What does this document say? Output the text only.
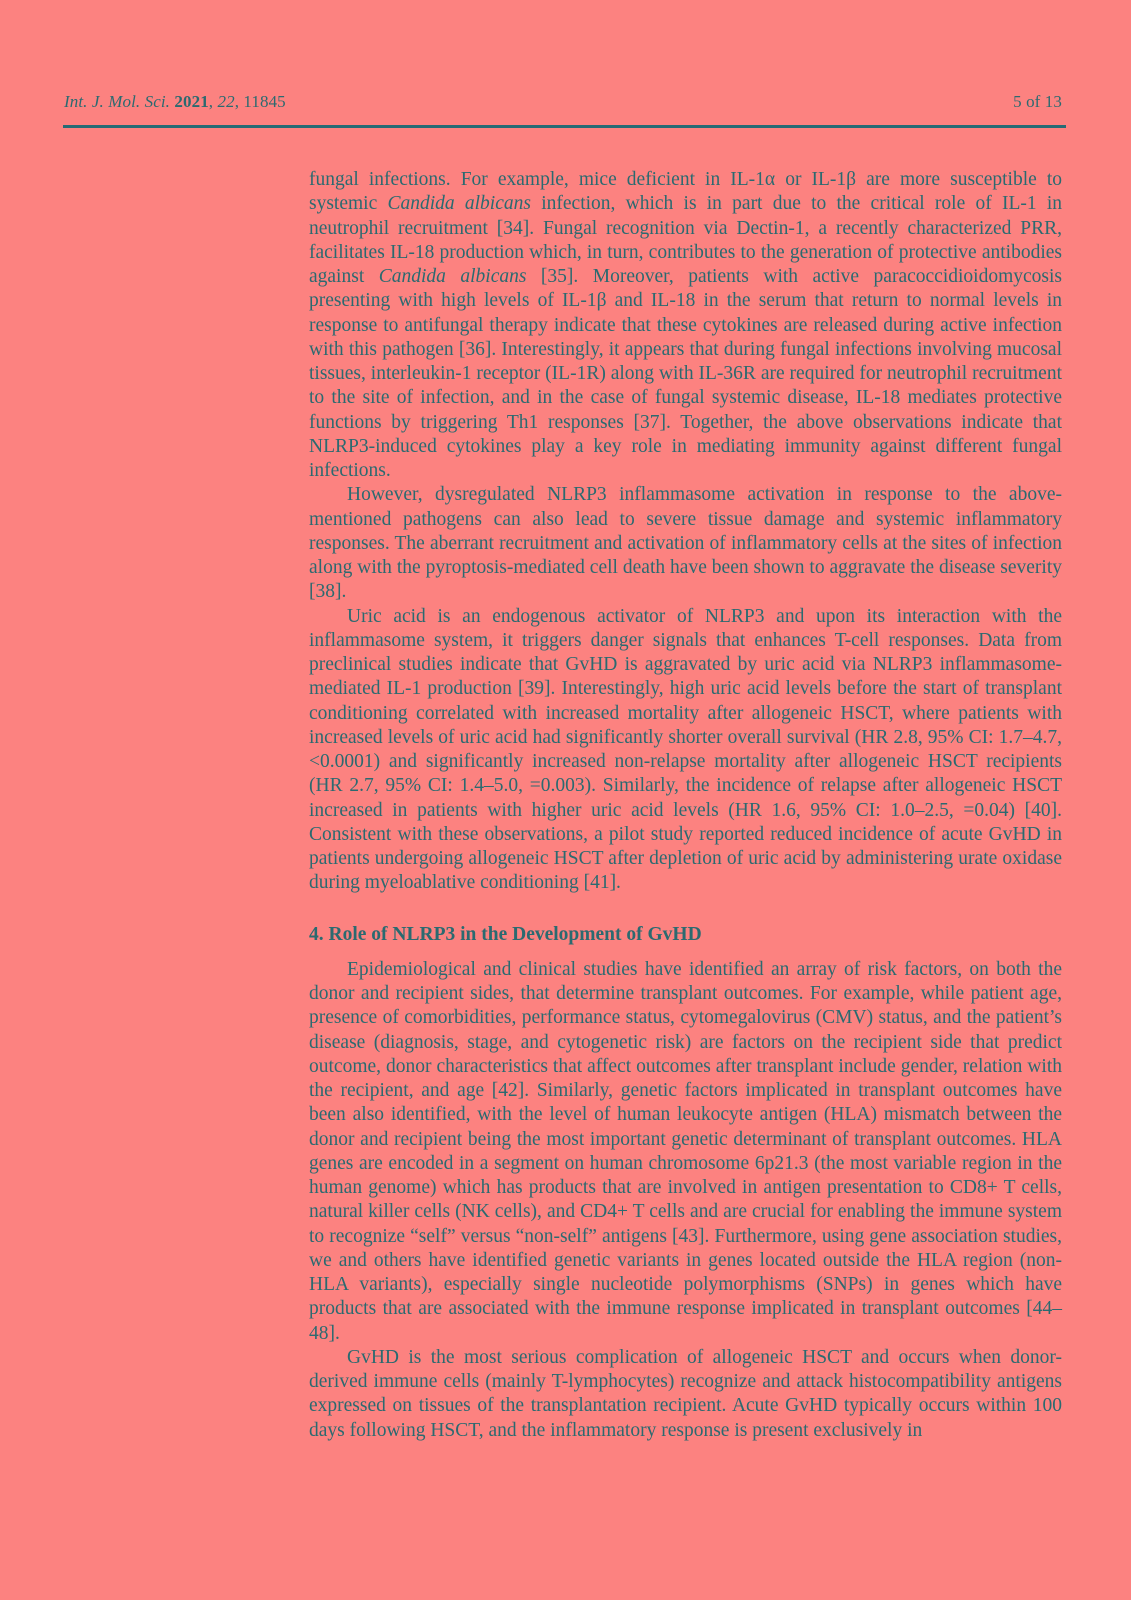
Int. J. Mol. Sci. 2021, 22, 11845	5 of 13

fungal infections. For example, mice deficient in IL-1α or IL-1β are more susceptible to systemic Candida albicans infection, which is in part due to the critical role of IL-1 in neutrophil recruitment [34]. Fungal recognition via Dectin-1, a recently characterized PRR, facilitates IL-18 production which, in turn, contributes to the generation of protective antibodies against Candida albicans [35]. Moreover, patients with active paracoccidioidomycosis presenting with high levels of IL-1β and IL-18 in the serum that return to normal levels in response to antifungal therapy indicate that these cytokines are released during active infection with this pathogen [36]. Interestingly, it appears that during fungal infections involving mucosal tissues, interleukin-1 receptor (IL-1R) along with IL-36R are required for neutrophil recruitment to the site of infection, and in the case of fungal systemic disease, IL-18 mediates protective functions by triggering Th1 responses [37]. Together, the above observations indicate that NLRP3-induced cytokines play a key role in mediating immunity against different fungal infections.

However, dysregulated NLRP3 inflammasome activation in response to the above-mentioned pathogens can also lead to severe tissue damage and systemic inflammatory responses. The aberrant recruitment and activation of inflammatory cells at the sites of infection along with the pyroptosis-mediated cell death have been shown to aggravate the disease severity [38].

Uric acid is an endogenous activator of NLRP3 and upon its interaction with the inflammasome system, it triggers danger signals that enhances T-cell responses. Data from preclinical studies indicate that GvHD is aggravated by uric acid via NLRP3 inflammasome-mediated IL-1 production [39]. Interestingly, high uric acid levels before the start of transplant conditioning correlated with increased mortality after allogeneic HSCT, where patients with increased levels of uric acid had significantly shorter overall survival (HR 2.8, 95% CI: 1.7–4.7, <0.0001) and significantly increased non-relapse mortality after allogeneic HSCT recipients (HR 2.7, 95% CI: 1.4–5.0, =0.003). Similarly, the incidence of relapse after allogeneic HSCT increased in patients with higher uric acid levels (HR 1.6, 95% CI: 1.0–2.5, =0.04) [40]. Consistent with these observations, a pilot study reported reduced incidence of acute GvHD in patients undergoing allogeneic HSCT after depletion of uric acid by administering urate oxidase during myeloablative conditioning [41].

4. Role of NLRP3 in the Development of GvHD

Epidemiological and clinical studies have identified an array of risk factors, on both the donor and recipient sides, that determine transplant outcomes. For example, while patient age, presence of comorbidities, performance status, cytomegalovirus (CMV) status, and the patient’s disease (diagnosis, stage, and cytogenetic risk) are factors on the recipient side that predict outcome, donor characteristics that affect outcomes after transplant include gender, relation with the recipient, and age [42]. Similarly, genetic factors implicated in transplant outcomes have been also identified, with the level of human leukocyte antigen (HLA) mismatch between the donor and recipient being the most important genetic determinant of transplant outcomes. HLA genes are encoded in a segment on human chromosome 6p21.3 (the most variable region in the human genome) which has products that are involved in antigen presentation to CD8+ T cells, natural killer cells (NK cells), and CD4+ T cells and are crucial for enabling the immune system to recognize “self” versus “non-self” antigens [43]. Furthermore, using gene association studies, we and others have identified genetic variants in genes located outside the HLA region (non-HLA variants), especially single nucleotide polymorphisms (SNPs) in genes which have products that are associated with the immune response implicated in transplant outcomes [44–48].

GvHD is the most serious complication of allogeneic HSCT and occurs when donor-derived immune cells (mainly T-lymphocytes) recognize and attack histocompatibility antigens expressed on tissues of the transplantation recipient. Acute GvHD typically occurs within 100 days following HSCT, and the inflammatory response is present exclusively in
